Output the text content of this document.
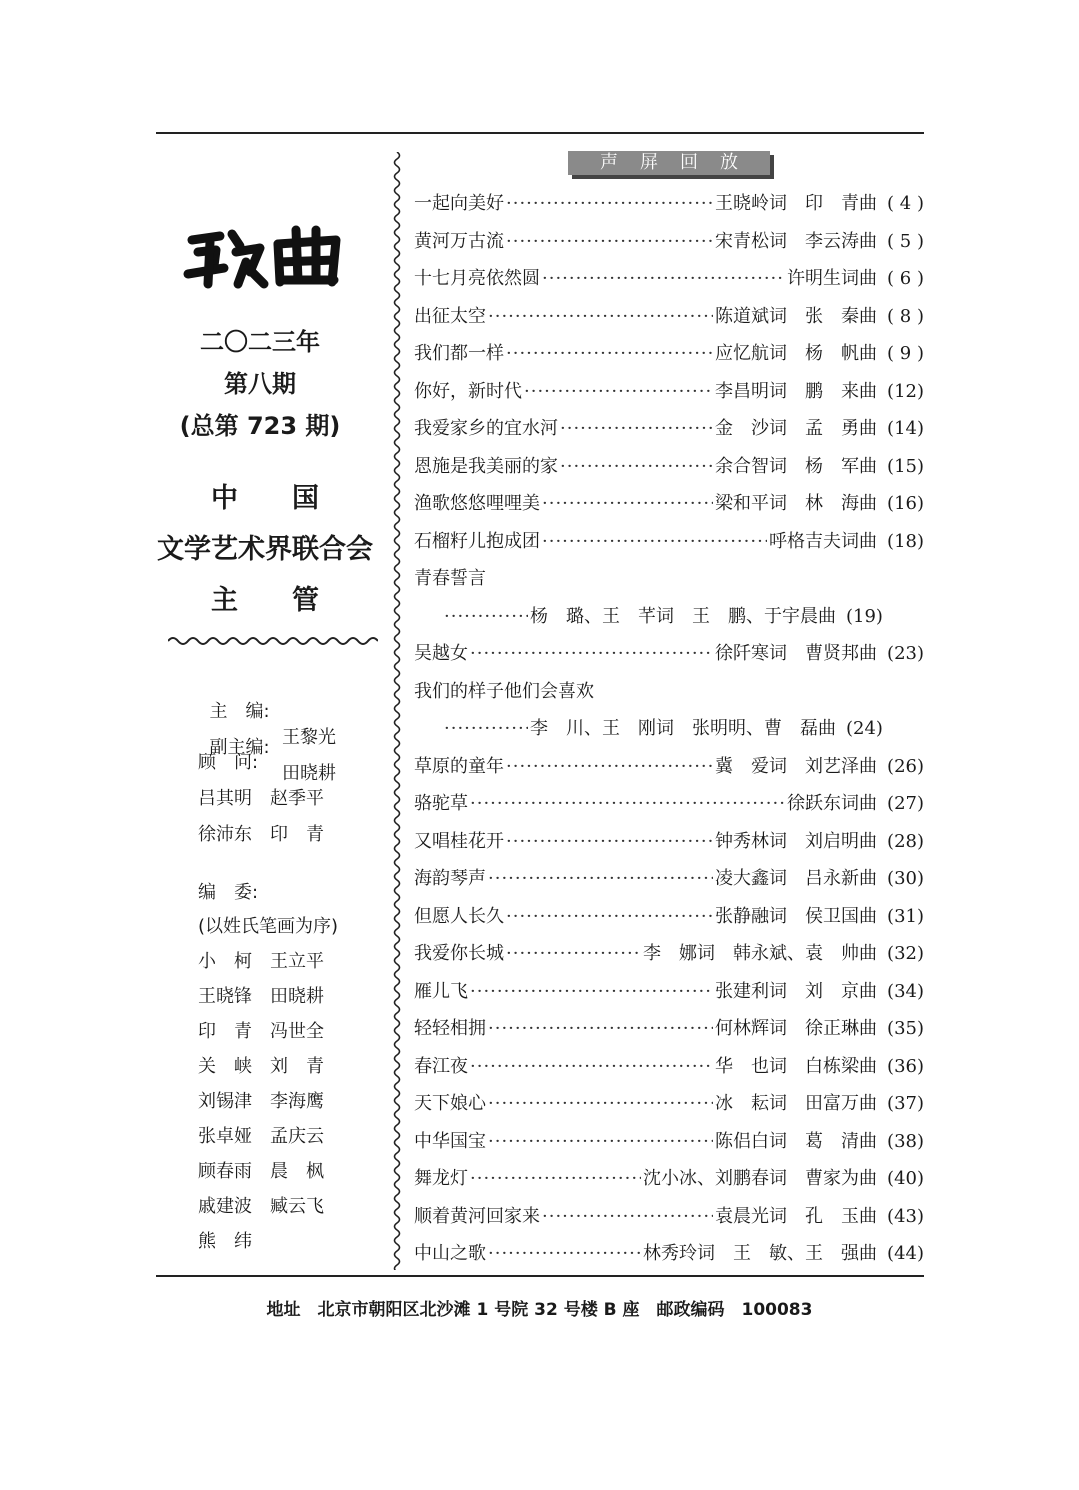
二〇二三年
第八期
(总第 723 期)
中　　国
文学艺术界联合会
主　　管

主　编:

王黎光

副主编:

田晓耕

顾　问:
吕其明　赵季平
徐沛东　印　青
编　委:
(以姓氏笔画为序)
小　柯　王立平
王晓锋　田晓耕
印　青　冯世全
关　峡　刘　青
刘锡津　李海鹰
张卓娅　孟庆云
顾春雨　晨　枫
戚建波　臧云飞
熊　纬
声屏回放
一起向美好 ·····	王晓岭词　印　青曲 ( 4 )
黄河万古流 ·····	宋青松词　李云涛曲 ( 5 )
十七月亮依然圆 ·····	许明生词曲 ( 6 )
出征太空 ·····	陈道斌词　张　秦曲 ( 8 )
我们都一样 ·····	应忆航词　杨　帆曲 ( 9 )
你好，新时代 ·····	李昌明词　鹏　来曲 (12)
我爱家乡的宜水河 ·····	金　沙词　孟　勇曲 (14)
恩施是我美丽的家 ·····	余合智词　杨　军曲 (15)
渔歌悠悠哩哩美 ·····	梁和平词　林　海曲 (16)
石榴籽儿抱成团 ·····	呼格吉夫词曲 (18)
青春誓言
·····
杨　璐、王　芊词　王　鹏、于宇晨曲 (19)
吴越女 ·····	徐阡寒词　曹贤邦曲 (23)
我们的样子他们会喜欢
·····
李　川、王　刚词　张明明、曹　磊曲 (24)
草原的童年 ·····	冀　爱词　刘艺泽曲 (26)
骆驼草 ·····	徐跃东词曲 (27)
又唱桂花开 ·····	钟秀林词　刘启明曲 (28)
海韵琴声 ·····	凌大鑫词　吕永新曲 (30)
但愿人长久 ·····	张静融词　侯卫国曲 (31)
我爱你长城 ·····	李　娜词　韩永斌、袁　帅曲 (32)
雁儿飞 ·····	张建利词　刘　京曲 (34)
轻轻相拥 ·····	何林辉词　徐正琳曲 (35)
春江夜 ·····	华　也词　白栋梁曲 (36)
天下娘心 ·····	冰　耘词　田富万曲 (37)
中华国宝 ·····	陈侣白词　葛　清曲 (38)
舞龙灯 ·····	沈小冰、刘鹏春词　曹家为曲 (40)
顺着黄河回家来 ·····	袁晨光词　孔　玉曲 (43)
中山之歌 ·····	林秀玲词　王　敏、王　强曲 (44)
地址　北京市朝阳区北沙滩 1 号院 32 号楼 B 座　邮政编码　100083
